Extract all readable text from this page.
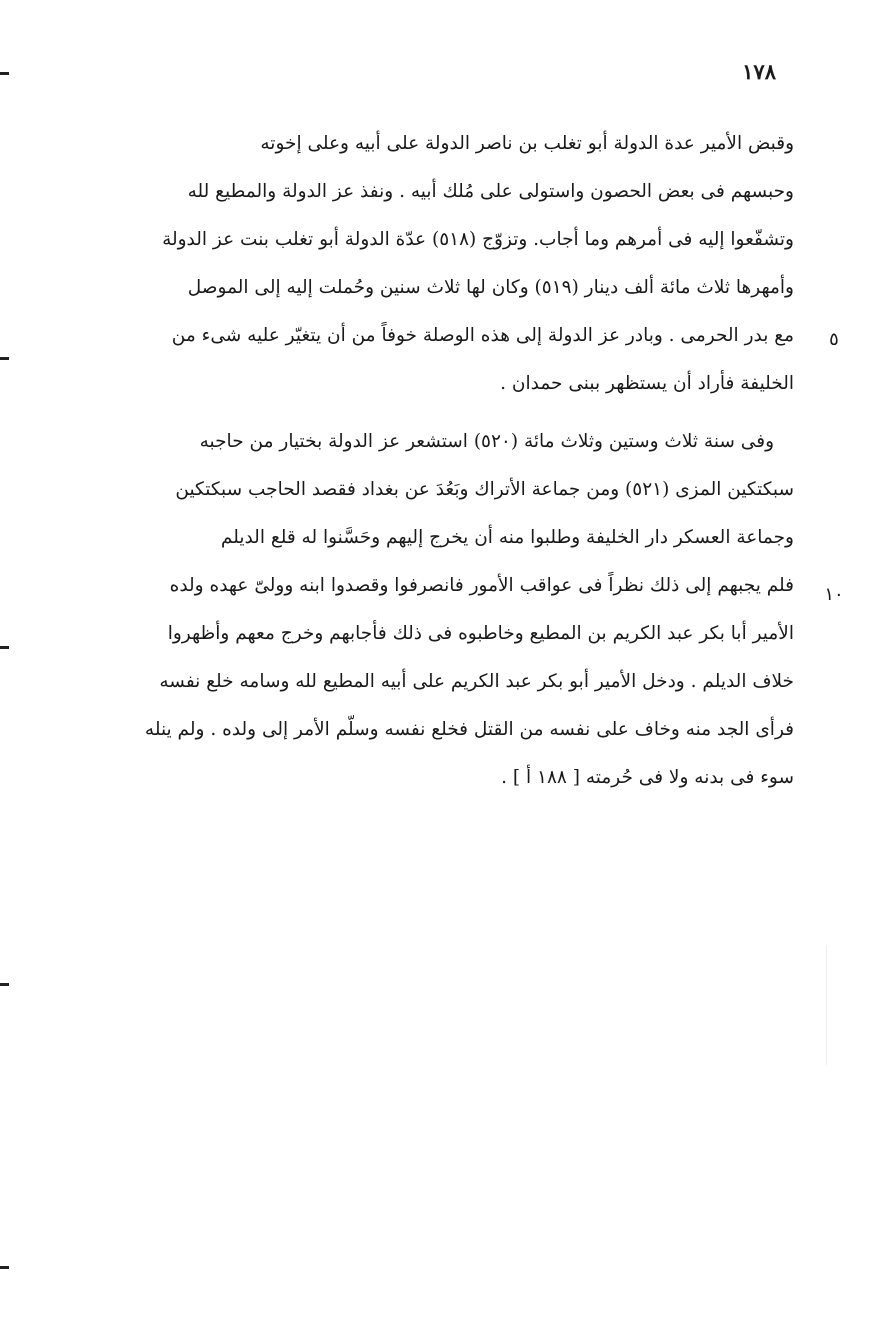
١٧٨
٥
١٠
وقبض الأمير عدة الدولة أبو تغلب بن ناصر الدولة على أبيه وعلى إخوته
وحبسهم فى بعض الحصون واستولى على مُلك أبيه . ونفذ عز الدولة والمطيع لله
وتشفّعوا إليه فى أمرهم وما أجاب. وتزوّج (٥١٨) عدّة الدولة أبو تغلب بنت عز الدولة
وأمهرها ثلاث مائة ألف دينار (٥١٩) وكان لها ثلاث سنين وحُملت إليه إلى الموصل
مع بدر الحرمى . وبادر عز الدولة إلى هذه الوصلة خوفاً من أن يتغيّر عليه شىء من
الخليفة فأراد أن يستظهر ببنى حمدان .
وفى سنة ثلاث وستين وثلاث مائة (٥٢٠) استشعر عز الدولة بختيار من حاجبه
سبكتكين المزى (٥٢١) ومن جماعة الأتراك وبَعُدَ عن بغداد فقصد الحاجب سبكتكين
وجماعة العسكر دار الخليفة وطلبوا منه أن يخرج إليهم وحَسَّنوا له قلع الديلم
فلم يجبهم إلى ذلك نظراً فى عواقب الأمور فانصرفوا وقصدوا ابنه وولىّ عهده ولده
الأمير أبا بكر عبد الكريم بن المطيع وخاطبوه فى ذلك فأجابهم وخرج معهم وأظهروا
خلاف الديلم . ودخل الأمير أبو بكر عبد الكريم على أبيه المطيع لله وسامه خلع نفسه
فرأى الجد منه وخاف على نفسه من القتل فخلع نفسه وسلّم الأمر إلى ولده . ولم ينله
سوء فى بدنه ولا فى حُرمته [ ١٨٨ أ ] .
